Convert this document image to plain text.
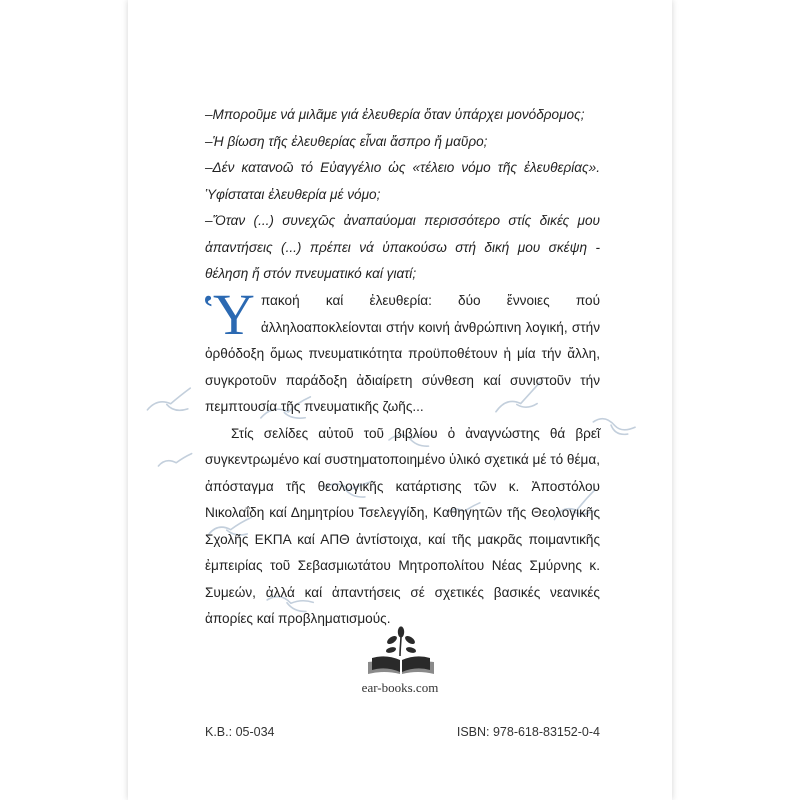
–Μποροῦμε νά μιλᾶμε γιά ἐλευθερία ὅταν ὑπάρχει μονόδρομος;

–Ἡ βίωση τῆς ἐλευθερίας εἶναι ἄσπρο ἤ μαῦρο;

–Δέν κατανοῶ τό Εὐαγγέλιο ὡς «τέλειο νόμο τῆς ἐλευθερίας». Ὑφίσταται ἐλευθερία μέ νόμο;

–Ὅταν (...) συνεχῶς ἀναπαύομαι περισσότερο στίς δικές μου ἀπαντήσεις (...) πρέπει νά ὑπακούσω στή δική μου σκέψη - θέληση ἤ στόν πνευματικό καί γιατί;

Ὑπακοή καί ἐλευθερία: δύο ἔννοιες πού ἀλληλοαποκλείονται στήν κοινή ἀνθρώπινη λογική, στήν ὀρθόδοξη ὅμως πνευματικότητα προϋποθέτουν ἡ μία τήν ἄλλη, συγκροτοῦν παράδοξη ἀδιαίρετη σύνθεση καί συνιστοῦν τήν πεμπτουσία τῆς πνευματικῆς ζωῆς...

Στίς σελίδες αὐτοῦ τοῦ βιβλίου ὁ ἀναγνώστης θά βρεῖ συγκεντρωμένο καί συστηματοποιημένο ὑλικό σχετικά μέ τό θέμα, ἀπόσταγμα τῆς θεολογικῆς κατάρτισης τῶν κ. Ἀποστόλου Νικολαΐδη καί Δημητρίου Τσελεγγίδη, Καθηγητῶν τῆς Θεολογικῆς Σχολῆς ΕΚΠΑ καί ΑΠΘ ἀντίστοιχα, καί τῆς μακρᾶς ποιμαντικῆς ἐμπειρίας τοῦ Σεβασμιωτάτου Μητροπολίτου Νέας Σμύρνης κ. Συμεών, ἀλλά καί ἀπαντήσεις σέ σχετικές βασικές νεανικές ἀπορίες καί προβληματισμούς.

ear-books.com
Κ.Β.: 05-034	ISBN: 978-618-83152-0-4
